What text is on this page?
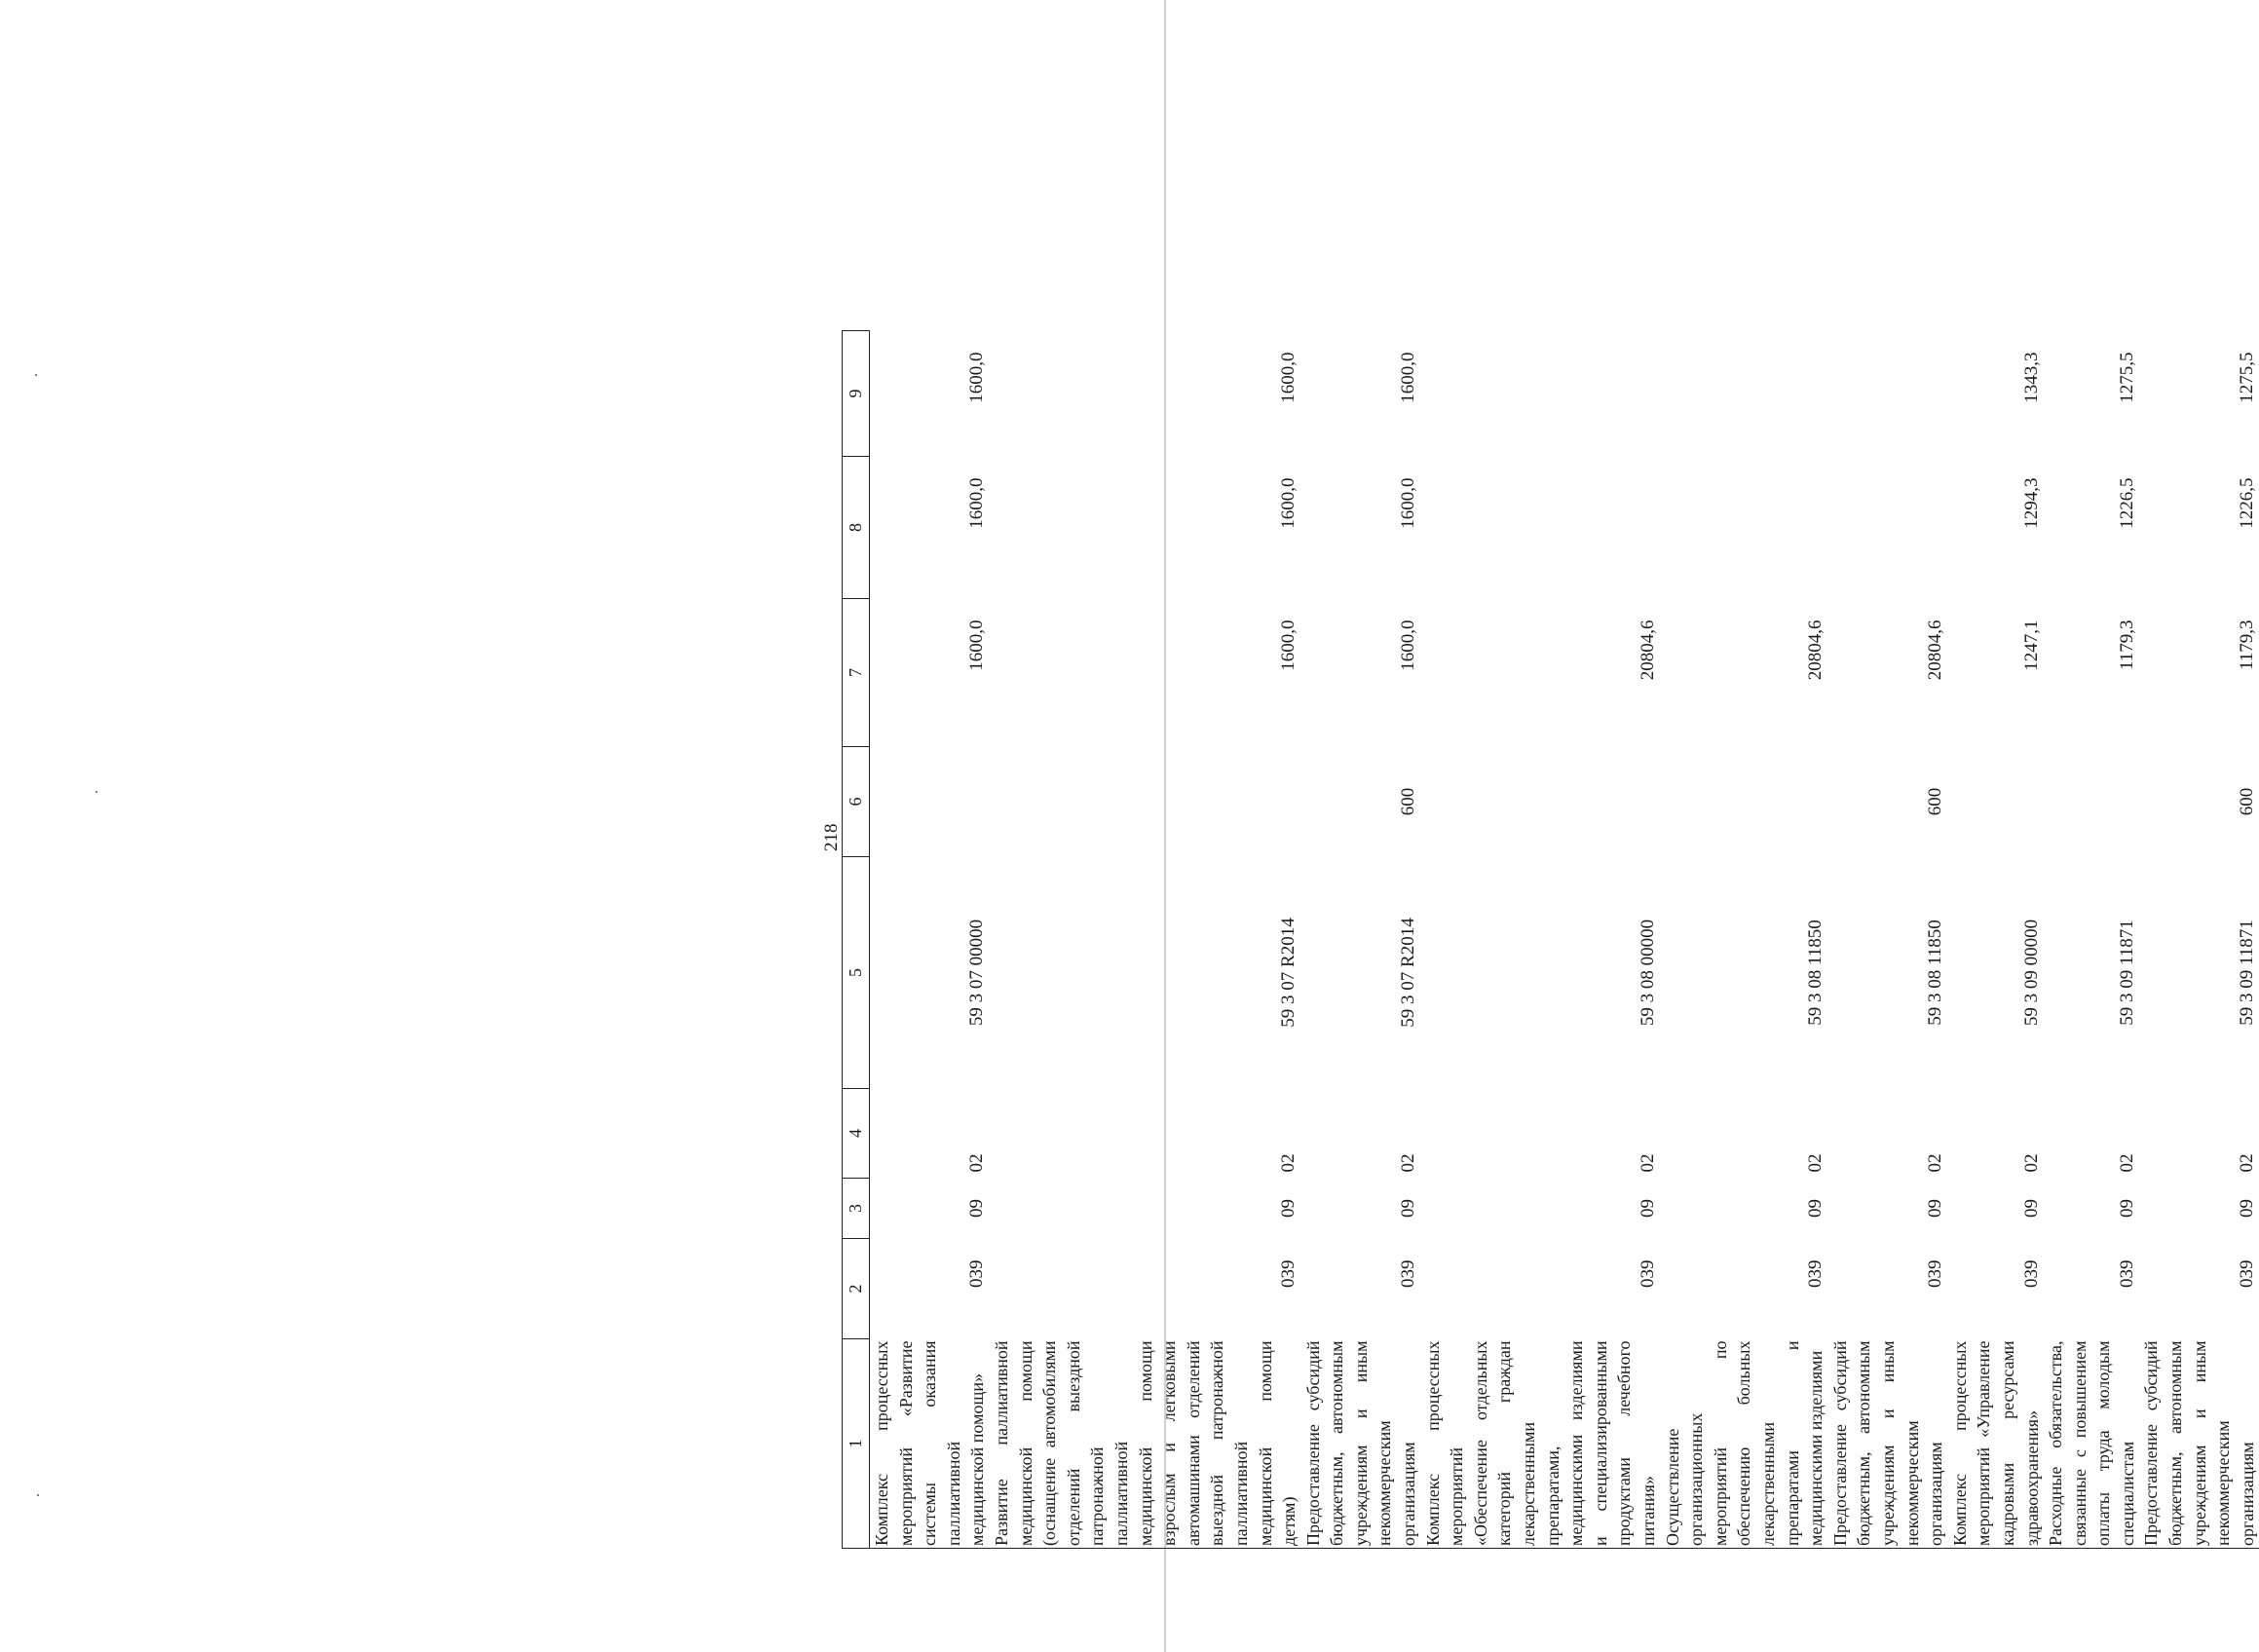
218
1	2	3	4	5	6	7	8	9
Комплекс процессных мероприятий «Развитие системы оказания паллиативной медицинской помощи»	039	09	02	59 3 07 00000		1600,0	1600,0	1600,0
Развитие паллиативной медицинской помощи (оснащение автомобилями отделений выездной патронажной паллиативной медицинской помощи взрослым и легковыми автомашинами отделений выездной патронажной паллиативной медицинской помощи детям)	039	09	02	59 3 07 R2014		1600,0	1600,0	1600,0
Предоставление субсидий бюджетным, автономным учреждениям и иным некоммерческим организациям	039	09	02	59 3 07 R2014	600	1600,0	1600,0	1600,0
Комплекс процессных мероприятий «Обеспечение отдельных категорий граждан лекарственными препаратами, медицинскими изделиями и специализированными продуктами лечебного питания»	039	09	02	59 3 08 00000		20804,6		
Осуществление организационных мероприятий по обеспечению больных лекарственными препаратами и медицинскими изделиями	039	09	02	59 3 08 11850		20804,6		
Предоставление субсидий бюджетным, автономным учреждениям и иным некоммерческим организациям	039	09	02	59 3 08 11850	600	20804,6		
Комплекс процессных мероприятий «Управление кадровыми ресурсами здравоохранения»	039	09	02	59 3 09 00000		1247,1	1294,3	1343,3
Расходные обязательства, связанные с повышением оплаты труда молодым специалистам	039	09	02	59 3 09 11871		1179,3	1226,5	1275,5
Предоставление субсидий бюджетным, автономным учреждениям и иным некоммерческим организациям	039	09	02	59 3 09 11871	600	1179,3	1226,5	1275,5
